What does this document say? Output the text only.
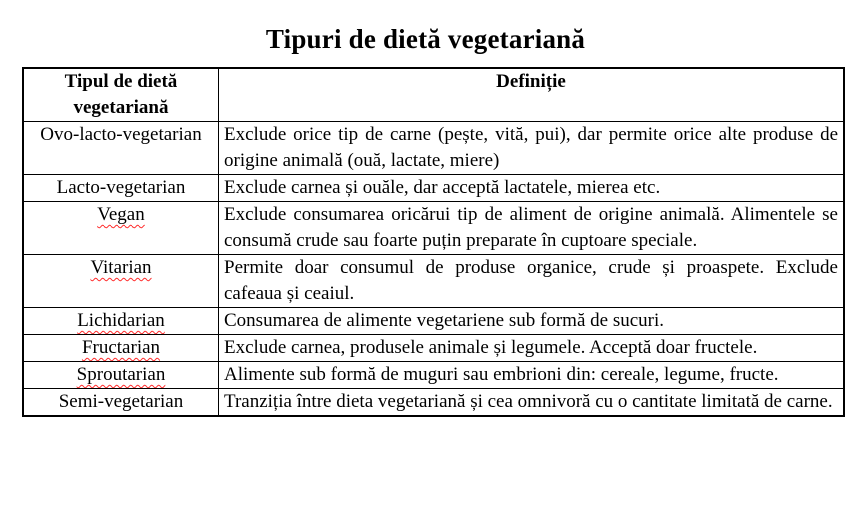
Tipuri de dietă vegetariană
Tipul de dietă vegetariană	Definiție
Ovo-lacto-vegetarian	Exclude orice tip de carne (pește, vită, pui), dar permite orice alte produse de origine animală (ouă, lactate, miere)
Lacto-vegetarian	Exclude carnea și ouăle, dar acceptă lactatele, mierea etc.
Vegan	Exclude consumarea oricărui tip de aliment de origine animală. Alimentele se consumă crude sau foarte puțin preparate în cuptoare speciale.
Vitarian	Permite doar consumul de produse organice, crude și proaspete. Exclude cafeaua și ceaiul.
Lichidarian	Consumarea de alimente vegetariene sub formă de sucuri.
Fructarian	Exclude carnea, produsele animale și legumele. Acceptă doar fructele.
Sproutarian	Alimente sub formă de muguri sau embrioni din: cereale, legume, fructe.
Semi-vegetarian	Tranziția între dieta vegetariană și cea omnivoră cu o cantitate limitată de carne.
